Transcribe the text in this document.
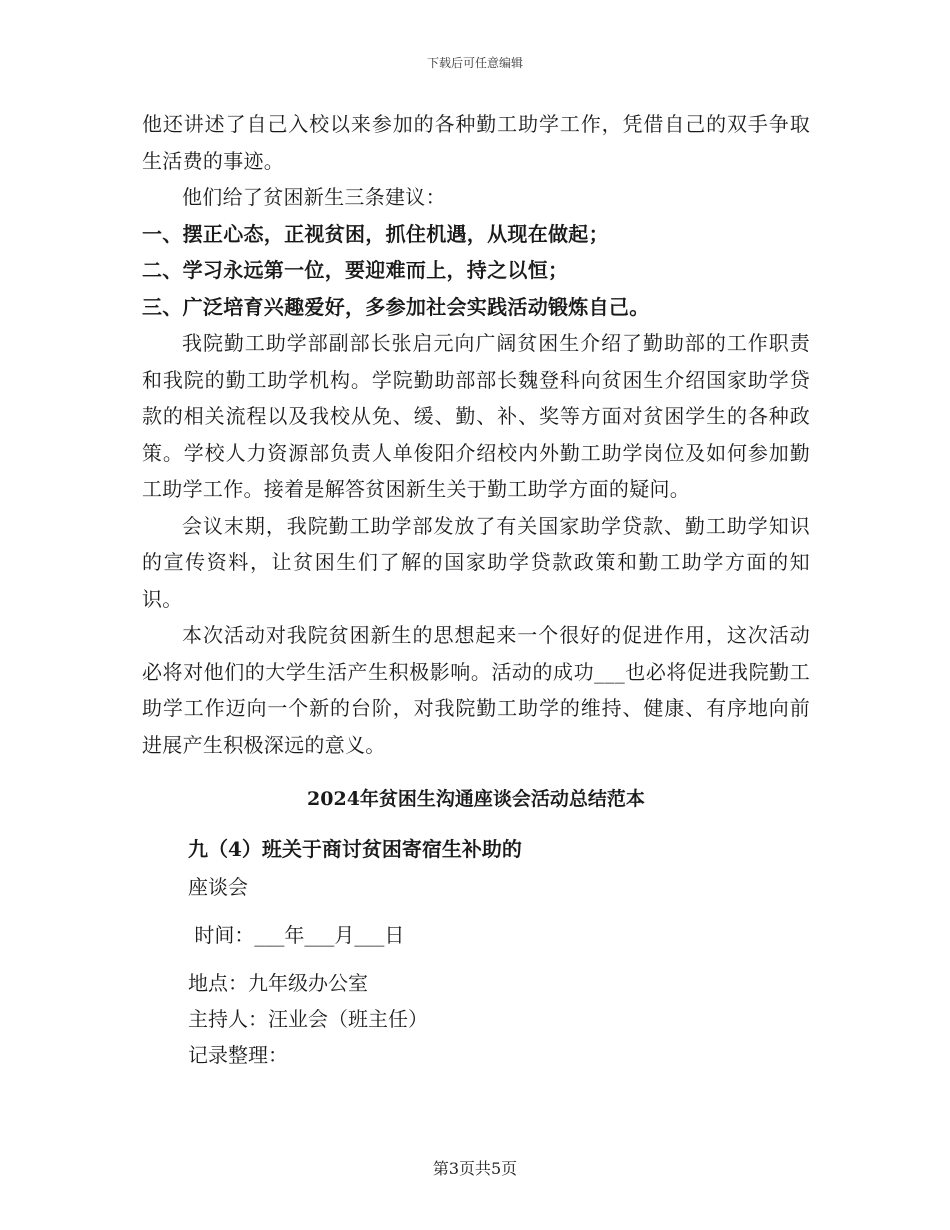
下载后可任意编辑

他还讲述了自己入校以来参加的各种勤工助学工作，凭借自己的双手争取生活费的事迹。

他们给了贫困新生三条建议：

一、摆正心态，正视贫困，抓住机遇，从现在做起；

二、学习永远第一位，要迎难而上，持之以恒；

三、广泛培育兴趣爱好，多参加社会实践活动锻炼自己。

我院勤工助学部副部长张启元向广阔贫困生介绍了勤助部的工作职责和我院的勤工助学机构。学院勤助部部长魏登科向贫困生介绍国家助学贷款的相关流程以及我校从免、缓、勤、补、奖等方面对贫困学生的各种政策。学校人力资源部负责人单俊阳介绍校内外勤工助学岗位及如何参加勤工助学工作。接着是解答贫困新生关于勤工助学方面的疑问。

会议末期，我院勤工助学部发放了有关国家助学贷款、勤工助学知识的宣传资料，让贫困生们了解的国家助学贷款政策和勤工助学方面的知识。

本次活动对我院贫困新生的思想起来一个很好的促进作用，这次活动必将对他们的大学生活产生积极影响。活动的成功___也必将促进我院勤工助学工作迈向一个新的台阶，对我院勤工助学的维持、健康、有序地向前进展产生积极深远的意义。

2024年贫困生沟通座谈会活动总结范本
九（4）班关于商讨贫困寄宿生补助的
座谈会
时间：___年___月___日
地点：九年级办公室
主持人：汪业会（班主任）
记录整理：
第3页共5页
